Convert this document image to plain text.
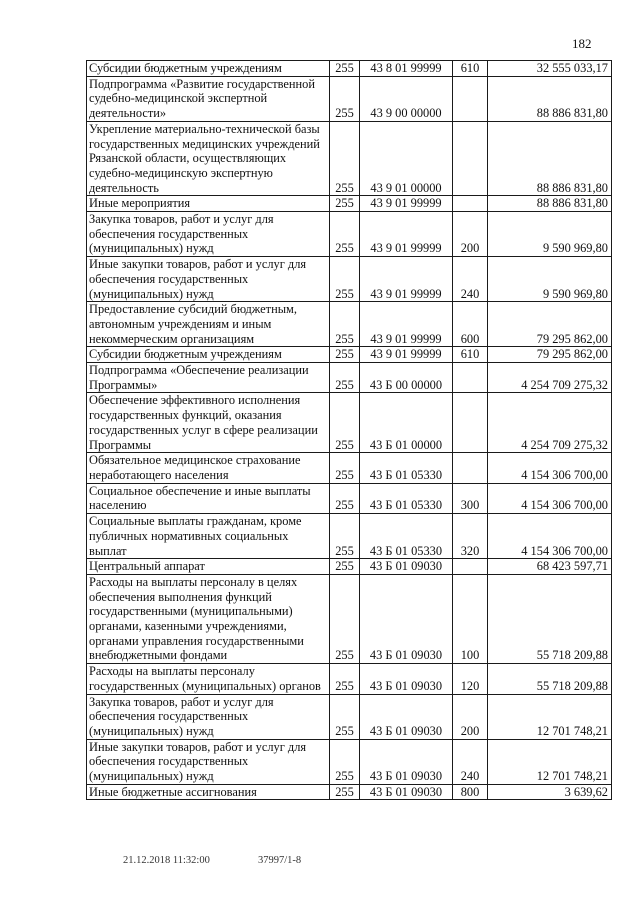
182
Субсидии бюджетным учреждениям	255	43 8 01 99999	610	32 555 033,17
Подпрограмма «Развитие государственной судебно-медицинской экспертной деятельности»	255	43 9 00 00000		88 886 831,80
Укрепление материально-технической базы государственных медицинских учреждений Рязанской области, осуществляющих судебно-медицинскую экспертную деятельность	255	43 9 01 00000		88 886 831,80
Иные мероприятия	255	43 9 01 99999		88 886 831,80
Закупка товаров, работ и услуг для обеспечения государственных (муниципальных) нужд	255	43 9 01 99999	200	9 590 969,80
Иные закупки товаров, работ и услуг для обеспечения государственных (муниципальных) нужд	255	43 9 01 99999	240	9 590 969,80
Предоставление субсидий бюджетным, автономным учреждениям и иным некоммерческим организациям	255	43 9 01 99999	600	79 295 862,00
Субсидии бюджетным учреждениям	255	43 9 01 99999	610	79 295 862,00
Подпрограмма «Обеспечение реализации Программы»	255	43 Б 00 00000		4 254 709 275,32
Обеспечение эффективного исполнения государственных функций, оказания государственных услуг в сфере реализации Программы	255	43 Б 01 00000		4 254 709 275,32
Обязательное медицинское страхование неработающего населения	255	43 Б 01 05330		4 154 306 700,00
Социальное обеспечение и иные выплаты населению	255	43 Б 01 05330	300	4 154 306 700,00
Социальные выплаты гражданам, кроме публичных нормативных социальных выплат	255	43 Б 01 05330	320	4 154 306 700,00
Центральный аппарат	255	43 Б 01 09030		68 423 597,71
Расходы на выплаты персоналу в целях обеспечения выполнения функций государственными (муниципальными) органами, казенными учреждениями, органами управления государственными внебюджетными фондами	255	43 Б 01 09030	100	55 718 209,88
Расходы на выплаты персоналу государственных (муниципальных) органов	255	43 Б 01 09030	120	55 718 209,88
Закупка товаров, работ и услуг для обеспечения государственных (муниципальных) нужд	255	43 Б 01 09030	200	12 701 748,21
Иные закупки товаров, работ и услуг для обеспечения государственных (муниципальных) нужд	255	43 Б 01 09030	240	12 701 748,21
Иные бюджетные ассигнования	255	43 Б 01 09030	800	3 639,62
21.12.2018 11:32:00	37997/1-8
